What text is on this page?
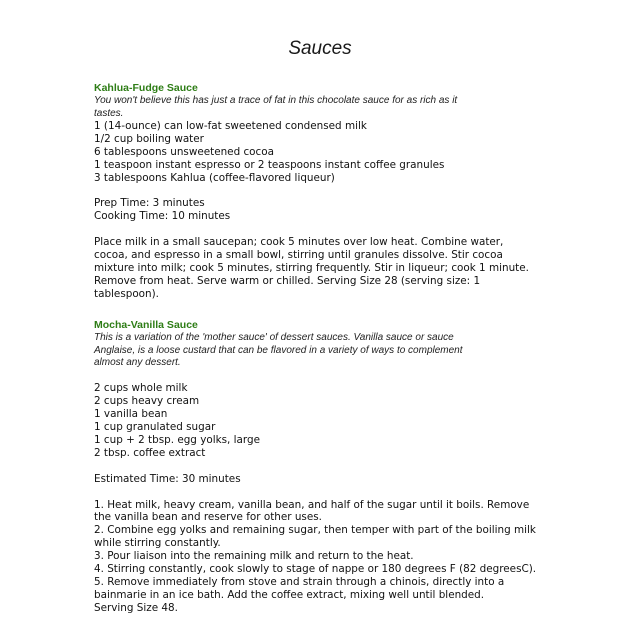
Sauces
Kahlua-Fudge Sauce
You won't believe this has just a trace of fat in this chocolate sauce for as rich as it
tastes.
1 (14-ounce) can low-fat sweetened condensed milk
1/2 cup boiling water
6 tablespoons unsweetened cocoa
1 teaspoon instant espresso or 2 teaspoons instant coffee granules
3 tablespoons Kahlua (coffee-flavored liqueur)
Prep Time: 3 minutes
Cooking Time: 10 minutes
Place milk in a small saucepan; cook 5 minutes over low heat. Combine water,
cocoa, and espresso in a small bowl, stirring until granules dissolve. Stir cocoa
mixture into milk; cook 5 minutes, stirring frequently. Stir in liqueur; cook 1 minute.
Remove from heat. Serve warm or chilled. Serving Size 28 (serving size: 1
tablespoon).
Mocha-Vanilla Sauce
This is a variation of the 'mother sauce' of dessert sauces. Vanilla sauce or sauce
Anglaise, is a loose custard that can be flavored in a variety of ways to complement
almost any dessert.
2 cups whole milk
2 cups heavy cream
1 vanilla bean
1 cup granulated sugar
1 cup + 2 tbsp. egg yolks, large
2 tbsp. coffee extract
Estimated Time: 30 minutes
1. Heat milk, heavy cream, vanilla bean, and half of the sugar until it boils. Remove
the vanilla bean and reserve for other uses.
2. Combine egg yolks and remaining sugar, then temper with part of the boiling milk
while stirring constantly.
3. Pour liaison into the remaining milk and return to the heat.
4. Stirring constantly, cook slowly to stage of nappe or 180 degrees F (82 degreesC).
5. Remove immediately from stove and strain through a chinois, directly into a
bainmarie in an ice bath. Add the coffee extract, mixing well until blended.
Serving Size 48.
